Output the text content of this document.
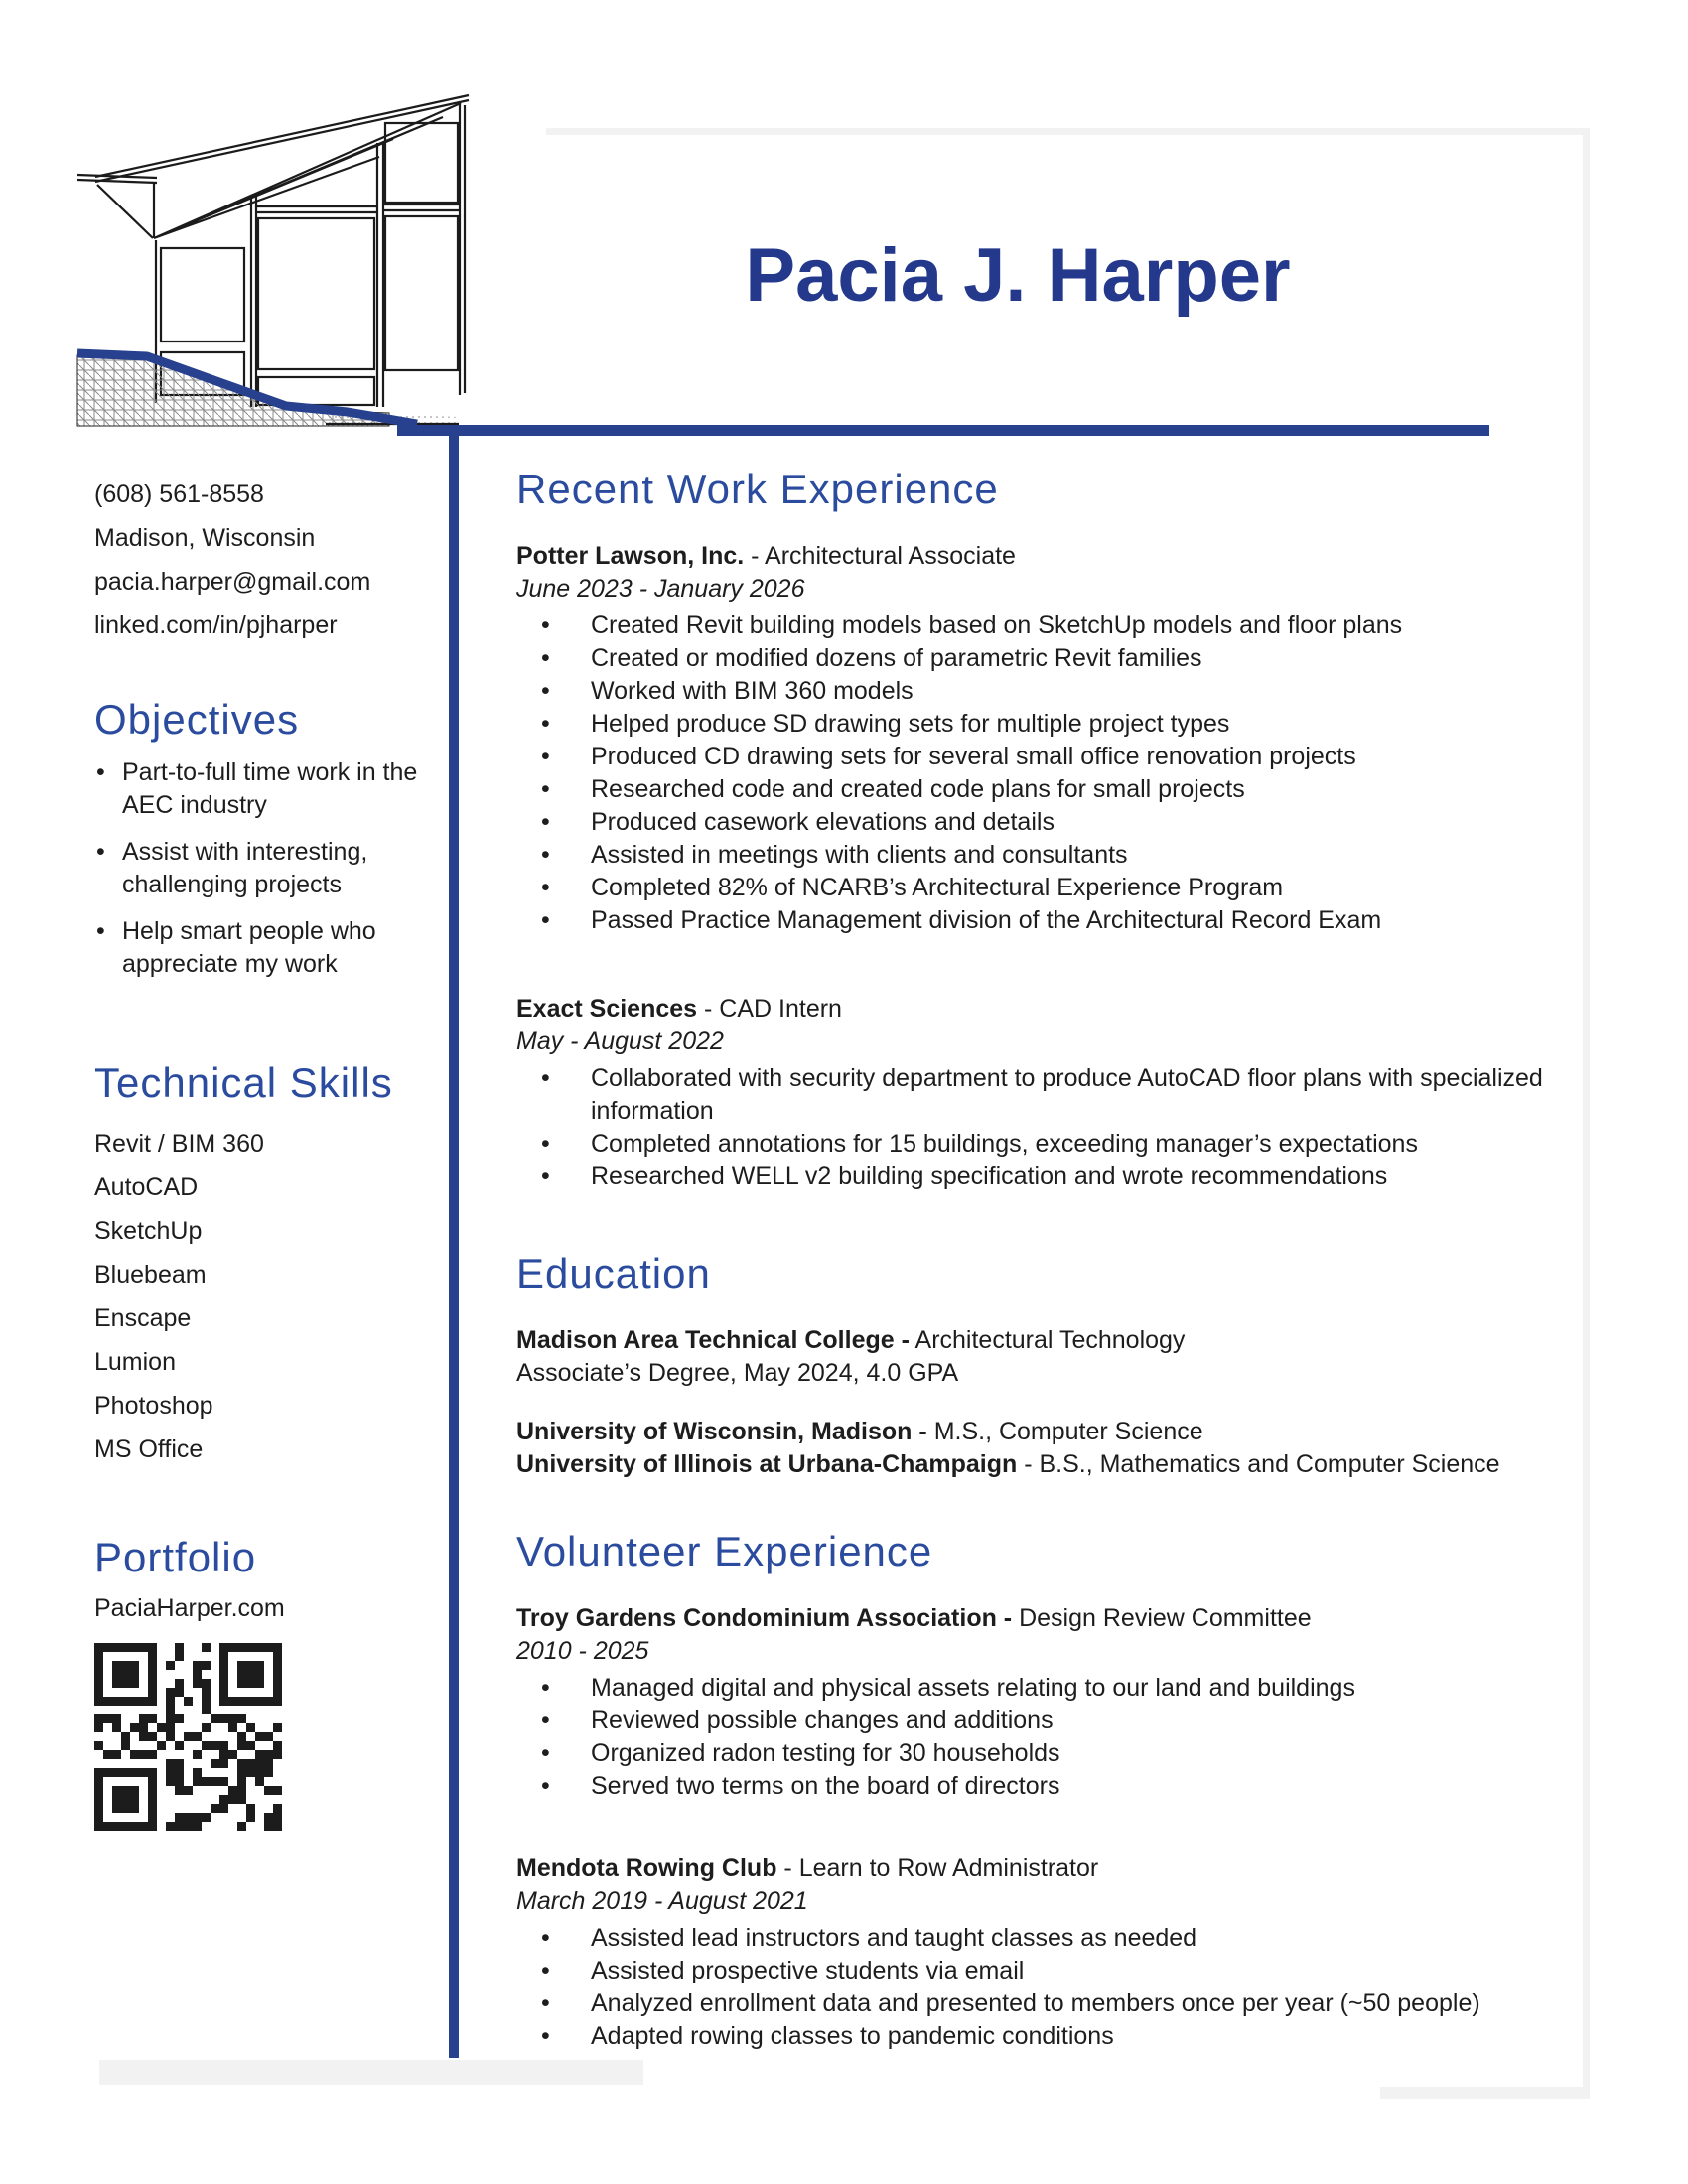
Pacia J. Harper
(608) 561-8558
Madison, Wisconsin
pacia.harper@gmail.com
linked.com/in/pjharper
Objectives
• Part-to-full time work in the AEC industry
• Assist with interesting, challenging projects
• Help smart people who appreciate my work
Technical Skills
Revit / BIM 360
AutoCAD
SketchUp
Bluebeam
Enscape
Lumion
Photoshop
MS Office
Portfolio
PaciaHarper.com
Recent Work Experience
Potter Lawson, Inc. - Architectural Associate
June 2023 - January 2026
• Created Revit building models based on SketchUp models and floor plans
• Created or modified dozens of parametric Revit families
• Worked with BIM 360 models
• Helped produce SD drawing sets for multiple project types
• Produced CD drawing sets for several small office renovation projects
• Researched code and created code plans for small projects
• Produced casework elevations and details
• Assisted in meetings with clients and consultants
• Completed 82% of NCARB’s Architectural Experience Program
• Passed Practice Management division of the Architectural Record Exam
Exact Sciences - CAD Intern
May - August 2022
• Collaborated with security department to produce AutoCAD floor plans with specialized information
• Completed annotations for 15 buildings, exceeding manager’s expectations
• Researched WELL v2 building specification and wrote recommendations
Education
Madison Area Technical College - Architectural Technology
Associate’s Degree, May 2024, 4.0 GPA
University of Wisconsin, Madison - M.S., Computer Science
University of Illinois at Urbana-Champaign - B.S., Mathematics and Computer Science
Volunteer Experience
Troy Gardens Condominium Association - Design Review Committee
2010 - 2025
• Managed digital and physical assets relating to our land and buildings
• Reviewed possible changes and additions
• Organized radon testing for 30 households
• Served two terms on the board of directors
Mendota Rowing Club - Learn to Row Administrator
March 2019 - August 2021
• Assisted lead instructors and taught classes as needed
• Assisted prospective students via email
• Analyzed enrollment data and presented to members once per year (~50 people)
• Adapted rowing classes to pandemic conditions
